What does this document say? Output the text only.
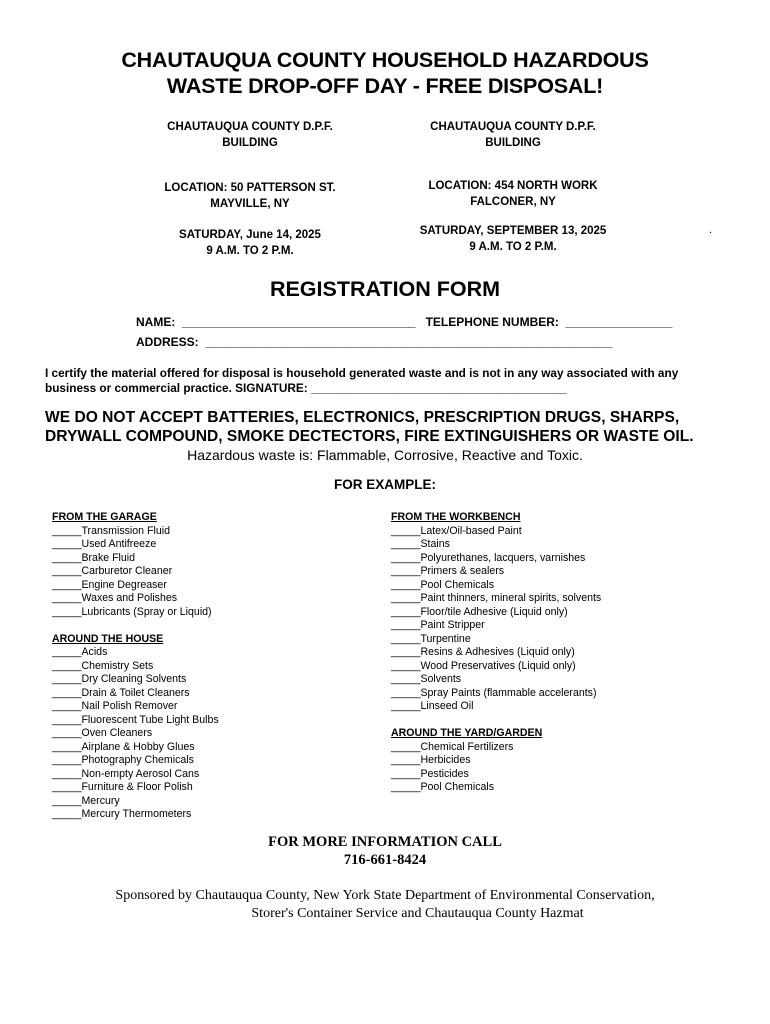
CHAUTAUQUA COUNTY HOUSEHOLD HAZARDOUS
WASTE DROP-OFF DAY - FREE DISPOSAL!
CHAUTAUQUA COUNTY D.P.F.
BUILDING
LOCATION: 50 PATTERSON ST.
MAYVILLE, NY
SATURDAY, June 14, 2025
9 A.M. TO 2 P.M.
CHAUTAUQUA COUNTY D.P.F.
BUILDING
LOCATION: 454 NORTH WORK
FALCONER, NY
SATURDAY, SEPTEMBER 13, 2025
9 A.M. TO 2 P.M.
.
REGISTRATION FORM
NAME:  ___________________________________   TELEPHONE NUMBER:  ________________
ADDRESS:  _____________________________________________________________
I certify the material offered for disposal is household generated waste and is not in any way associated with any
business or commercial practice. SIGNATURE: _______________________________________
WE DO NOT ACCEPT BATTERIES, ELECTRONICS, PRESCRIPTION DRUGS, SHARPS,
DRYWALL COMPOUND, SMOKE DECTECTORS, FIRE EXTINGUISHERS OR WASTE OIL.
Hazardous waste is: Flammable, Corrosive, Reactive and Toxic.
FOR EXAMPLE:
FROM THE GARAGE
_____Transmission Fluid
_____Used Antifreeze
_____Brake Fluid
_____Carburetor Cleaner
_____Engine Degreaser
_____Waxes and Polishes
_____Lubricants (Spray or Liquid)
AROUND THE HOUSE
_____Acids
_____Chemistry Sets
_____Dry Cleaning Solvents
_____Drain & Toilet Cleaners
_____Nail Polish Remover
_____Fluorescent Tube Light Bulbs
_____Oven Cleaners
_____Airplane & Hobby Glues
_____Photography Chemicals
_____Non-empty Aerosol Cans
_____Furniture & Floor Polish
_____Mercury
_____Mercury Thermometers
FROM THE WORKBENCH
_____Latex/Oil-based Paint
_____Stains
_____Polyurethanes, lacquers, varnishes
_____Primers & sealers
_____Pool Chemicals
_____Paint thinners, mineral spirits, solvents
_____Floor/tile Adhesive (Liquid only)
_____Paint Stripper
_____Turpentine
_____Resins & Adhesives (Liquid only)
_____Wood Preservatives (Liquid only)
_____Solvents
_____Spray Paints (flammable accelerants)
_____Linseed Oil
AROUND THE YARD/GARDEN
_____Chemical Fertilizers
_____Herbicides
_____Pesticides
_____Pool Chemicals
FOR MORE INFORMATION CALL
716-661-8424
Sponsored by Chautauqua County, New York State Department of Environmental Conservation,
Storer's Container Service and Chautauqua County Hazmat
